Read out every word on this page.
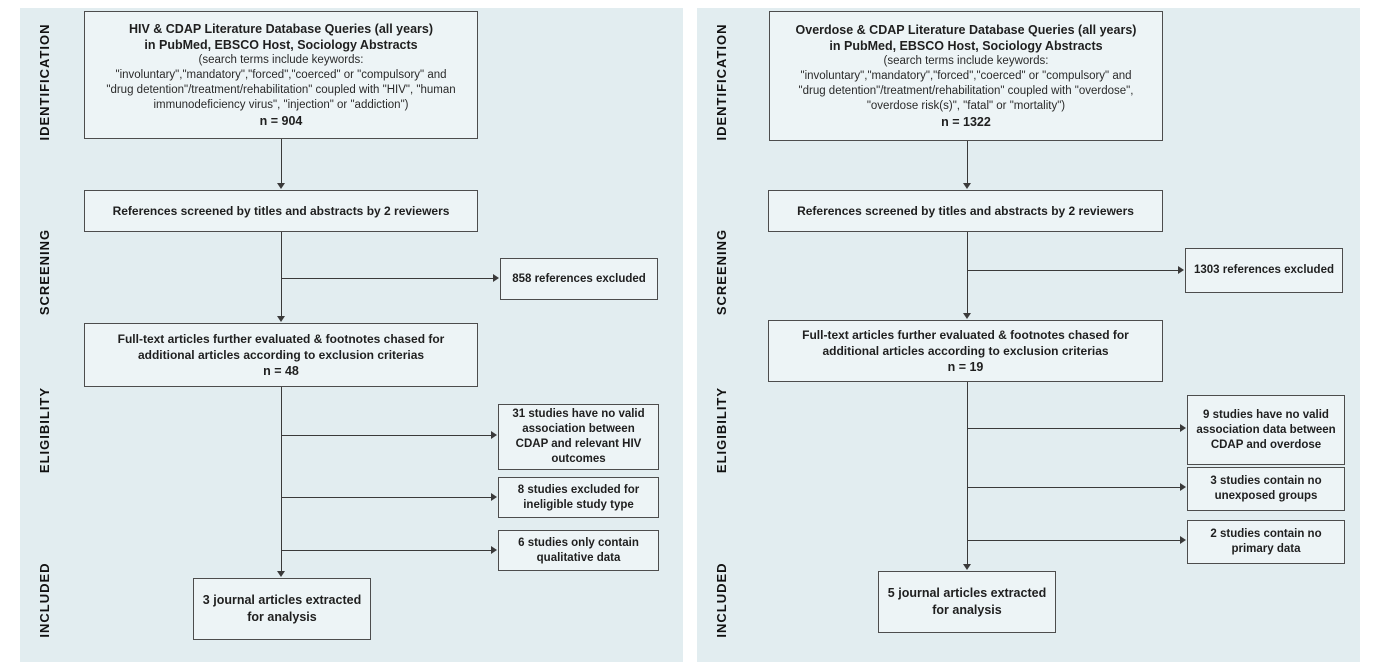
IDENTIFICATION
SCREENING
ELIGIBILITY
INCLUDED
HIV & CDAP Literature Database Queries (all years)
in PubMed, EBSCO Host, Sociology Abstracts
(search terms include keywords:
"involuntary","mandatory","forced","coerced" or "compulsory" and
"drug detention"/treatment/rehabilitation" coupled with "HIV", "human
immunodeficiency virus", "injection" or "addiction")
n = 904
References screened by titles and abstracts by 2 reviewers
858 references excluded
Full-text articles further evaluated & footnotes chased for
additional articles according to exclusion criterias
n = 48
31 studies have no valid association between CDAP and relevant HIV outcomes
8 studies excluded for ineligible study type
6 studies only contain qualitative data
3 journal articles extracted
for analysis
IDENTIFICATION
SCREENING
ELIGIBILITY
INCLUDED
Overdose & CDAP Literature Database Queries (all years)
in PubMed, EBSCO Host, Sociology Abstracts
(search terms include keywords:
"involuntary","mandatory","forced","coerced" or "compulsory" and
"drug detention"/treatment/rehabilitation" coupled with "overdose",
"overdose risk(s)", "fatal" or "mortality")
n = 1322
References screened by titles and abstracts by 2 reviewers
1303 references excluded
Full-text articles further evaluated & footnotes chased for
additional articles according to exclusion criterias
n = 19
9 studies have no valid association data between CDAP and overdose
3 studies contain no unexposed groups
2 studies contain no primary data
5 journal articles extracted
for analysis
